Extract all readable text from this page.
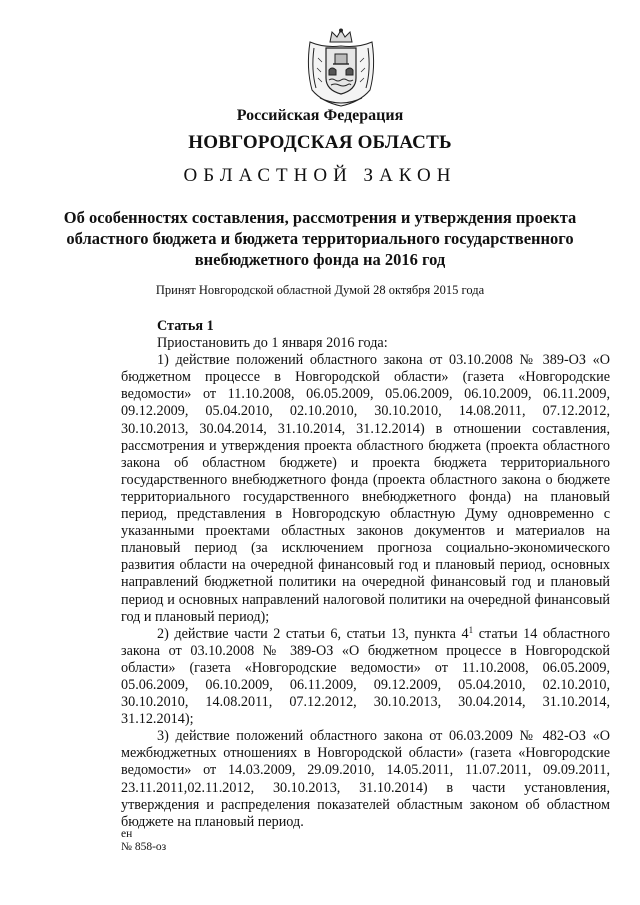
Российская Федерация
НОВГОРОДСКАЯ ОБЛАСТЬ
ОБЛАСТНОЙ ЗАКОН
Об особенностях составления, рассмотрения и утверждения проекта областного бюджета и бюджета территориального государственного внебюджетного фонда на 2016 год
Принят Новгородской областной Думой 28 октября 2015 года

Статья 1

Приостановить до 1 января 2016 года:

1) действие положений областного закона от 03.10.2008 № 389-ОЗ «О бюджетном процессе в Новгородской области» (газета «Новгородские ведомости» от 11.10.2008, 06.05.2009, 05.06.2009, 06.10.2009, 06.11.2009, 09.12.2009, 05.04.2010, 02.10.2010, 30.10.2010, 14.08.2011, 07.12.2012, 30.10.2013, 30.04.2014, 31.10.2014, 31.12.2014) в отношении составления, рассмотрения и утверждения проекта областного бюджета (проекта областного закона об областном бюджете) и проекта бюджета территориального государственного внебюджетного фонда (проекта областного закона о бюджете территориального государственного внебюджетного фонда) на плановый период, представления в Новгородскую областную Думу одновременно с указанными проектами областных законов документов и материалов на плановый период (за исключением прогноза социально-экономического развития области на очередной финансовый год и плановый период, основных направлений бюджетной политики на очередной финансовый год и плановый период и основных направлений налоговой политики на очередной финансовый год и плановый период);

2) действие части 2 статьи 6, статьи 13, пункта $4^1$ статьи 14 областного закона от 03.10.2008 № 389-ОЗ «О бюджетном процессе в Новгородской области» (газета «Новгородские ведомости» от 11.10.2008, 06.05.2009, 05.06.2009, 06.10.2009, 06.11.2009, 09.12.2009, 05.04.2010, 02.10.2010, 30.10.2010, 14.08.2011, 07.12.2012, 30.10.2013, 30.04.2014, 31.10.2014, 31.12.2014);

3) действие положений областного закона от 06.03.2009 № 482-ОЗ «О межбюджетных отношениях в Новгородской области» (газета «Новгородские ведомости» от 14.03.2009, 29.09.2010, 14.05.2011, 11.07.2011, 09.09.2011, 23.11.2011,02.11.2012, 30.10.2013, 31.10.2014) в части установления, утверждения и распределения показателей областным законом об областном бюджете на плановый период.

ен
№ 858-оз
